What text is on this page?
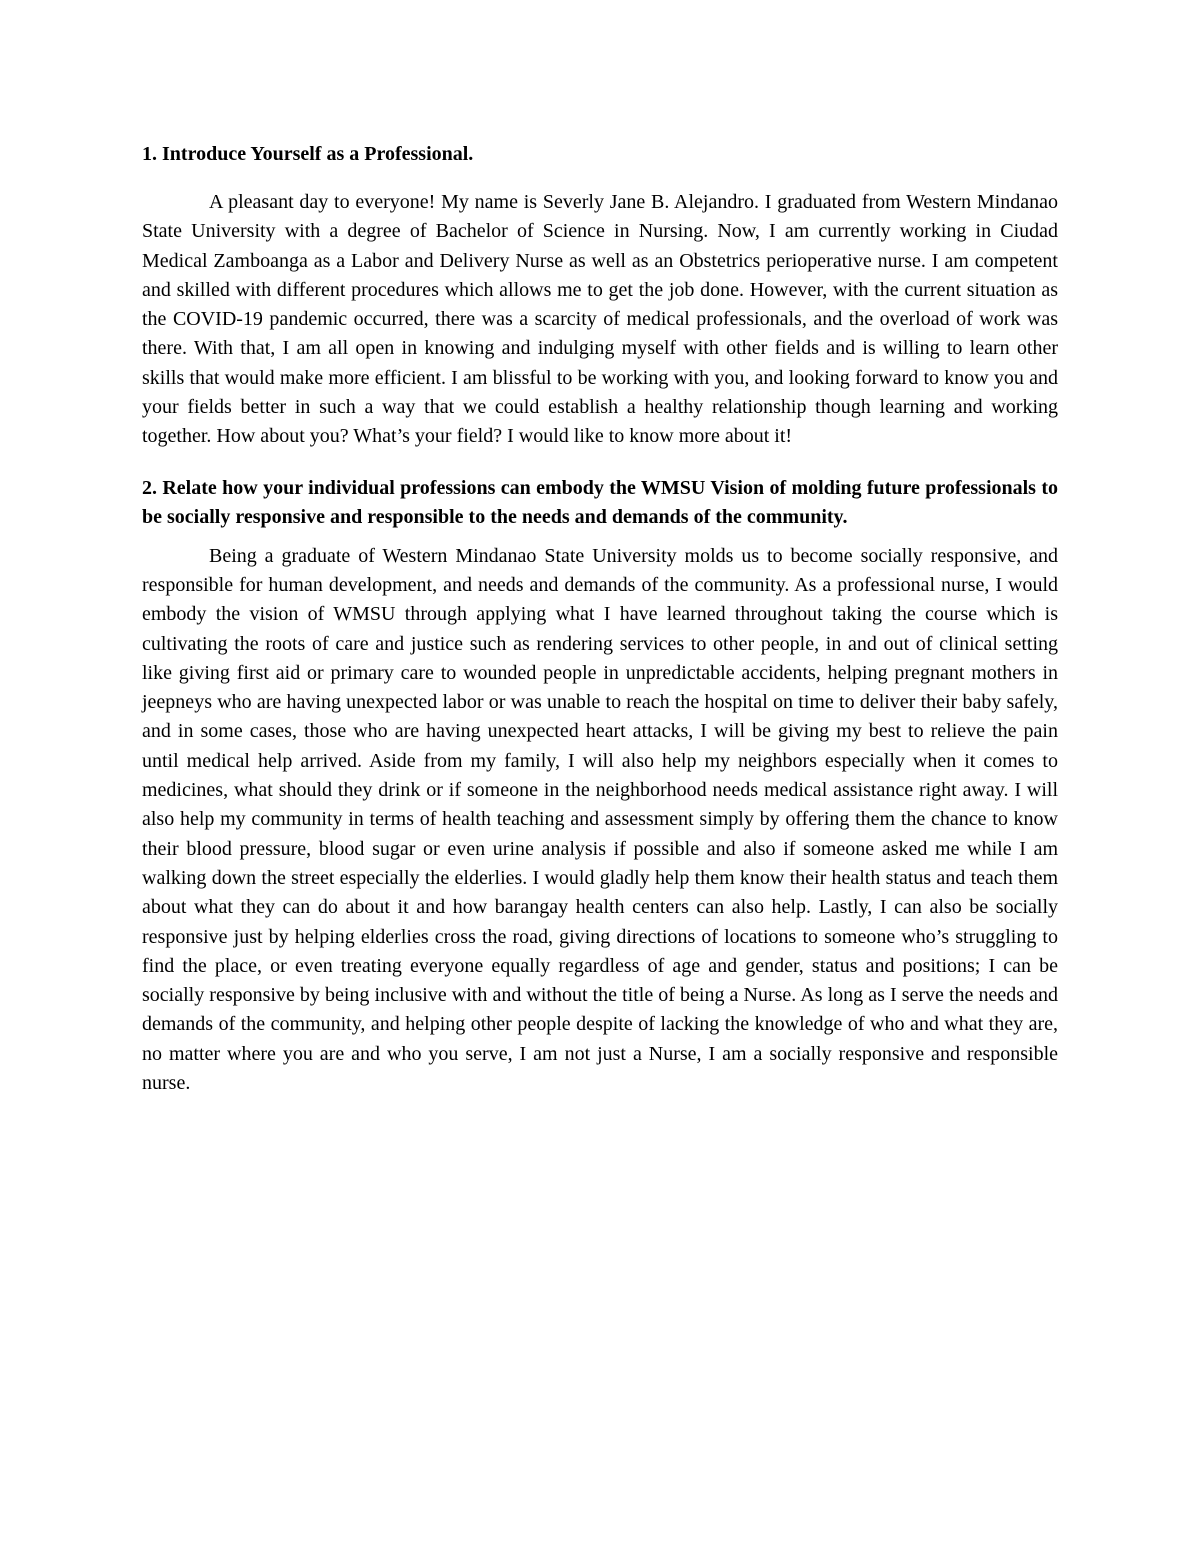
1. Introduce Yourself as a Professional.

A pleasant day to everyone! My name is Severly Jane B. Alejandro. I graduated from Western Mindanao State University with a degree of Bachelor of Science in Nursing. Now, I am currently working in Ciudad Medical Zamboanga as a Labor and Delivery Nurse as well as an Obstetrics perioperative nurse. I am competent and skilled with different procedures which allows me to get the job done. However, with the current situation as the COVID-19 pandemic occurred, there was a scarcity of medical professionals, and the overload of work was there. With that, I am all open in knowing and indulging myself with other fields and is willing to learn other skills that would make more efficient. I am blissful to be working with you, and looking forward to know you and your fields better in such a way that we could establish a healthy relationship though learning and working together. How about you? What’s your field? I would like to know more about it!

2. Relate how your individual professions can embody the WMSU Vision of molding future professionals to be socially responsive and responsible to the needs and demands of the community.

Being a graduate of Western Mindanao State University molds us to become socially responsive, and responsible for human development, and needs and demands of the community. As a professional nurse, I would embody the vision of WMSU through applying what I have learned throughout taking the course which is cultivating the roots of care and justice such as rendering services to other people, in and out of clinical setting like giving first aid or primary care to wounded people in unpredictable accidents, helping pregnant mothers in jeepneys who are having unexpected labor or was unable to reach the hospital on time to deliver their baby safely, and in some cases, those who are having unexpected heart attacks, I will be giving my best to relieve the pain until medical help arrived. Aside from my family, I will also help my neighbors especially when it comes to medicines, what should they drink or if someone in the neighborhood needs medical assistance right away. I will also help my community in terms of health teaching and assessment simply by offering them the chance to know their blood pressure, blood sugar or even urine analysis if possible and also if someone asked me while I am walking down the street especially the elderlies. I would gladly help them know their health status and teach them about what they can do about it and how barangay health centers can also help. Lastly, I can also be socially responsive just by helping elderlies cross the road, giving directions of locations to someone who’s struggling to find the place, or even treating everyone equally regardless of age and gender, status and positions; I can be socially responsive by being inclusive with and without the title of being a Nurse. As long as I serve the needs and demands of the community, and helping other people despite of lacking the knowledge of who and what they are, no matter where you are and who you serve, I am not just a Nurse, I am a socially responsive and responsible nurse.
